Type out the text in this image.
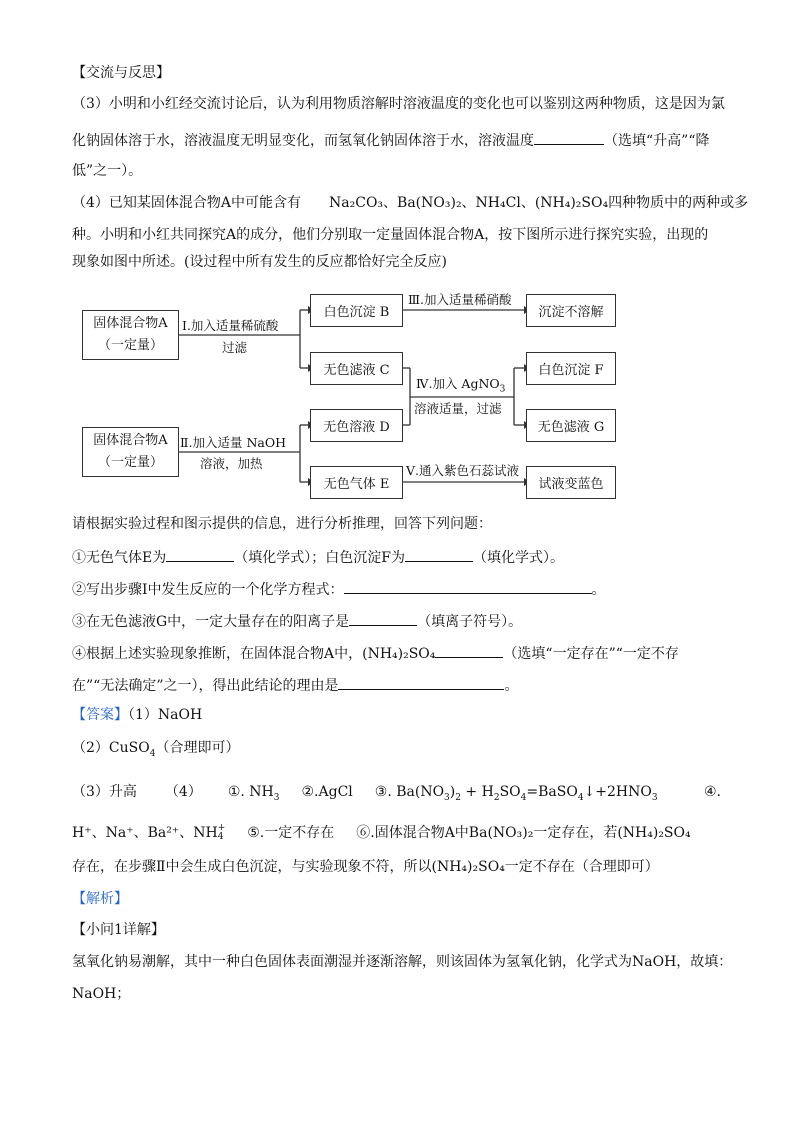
【交流与反思】
（3）小明和小红经交流讨论后，认为利用物质溶解时溶液温度的变化也可以鉴别这两种物质，这是因为氯
化钠固体溶于水，溶液温度无明显变化，而氢氧化钠固体溶于水，溶液温度	（选填“升高”“降
低”之一）。
（4）已知某固体混合物A中可能含有 Na₂CO₃、Ba(NO₃)₂、NH₄Cl、(NH₄)₂SO₄四种物质中的两种或多
种。小明和小红共同探究A的成分，他们分别取一定量固体混合物A，按下图所示进行探究实验，出现的
现象如图中所述。(设过程中所有发生的反应都恰好完全反应)
固体混合物A
（一定量）
固体混合物A
（一定量）
Ⅰ.加入适量稀硫酸
过滤
Ⅱ.加入适量 NaOH
溶液，加热
Ⅲ.加入适量稀硝酸
Ⅳ.加入 AgNO$_3$
溶液适量，过滤
Ⅴ.通入紫色石蕊试液
白色沉淀 B
无色滤液 C
无色溶液 D
无色气体 E
沉淀不溶解
白色沉淀 F
无色滤液 G
试液变蓝色
请根据实验过程和图示提供的信息，进行分析推理，回答下列问题：
①无色气体E为	（填化学式）；白色沉淀F为	（填化学式）。
②写出步骤Ⅰ中发生反应的一个化学方程式：	。
③在无色滤液G中，一定大量存在的阳离子是	（填离子符号）。
④根据上述实验现象推断，在固体混合物A中，(NH₄)₂SO₄	（选填“一定存在”“一定不存
在”“无法确定”之一），得出此结论的理由是	。
【答案】（1）NaOH
（2）CuSO$_4$（合理即可）
（3）升高 （4） ①. $NH_3$ ②.AgCl ③. $Ba(NO_3)_2$ + $H_2SO_4=BaSO_4↓+2HNO_3$	④.
H⁺、Na⁺、Ba²⁺、NH +
4 ⑤.一定不存在 ⑥.固体混合物A中Ba(NO₃)₂一定存在，若(NH₄)₂SO₄
存在，在步骤Ⅱ中会生成白色沉淀，与实验现象不符，所以(NH₄)₂SO₄一定不存在（合理即可）
【解析】
【小问1详解】
氢氧化钠易潮解，其中一种白色固体表面潮湿并逐渐溶解，则该固体为氢氧化钠，化学式为NaOH，故填：
NaOH；
